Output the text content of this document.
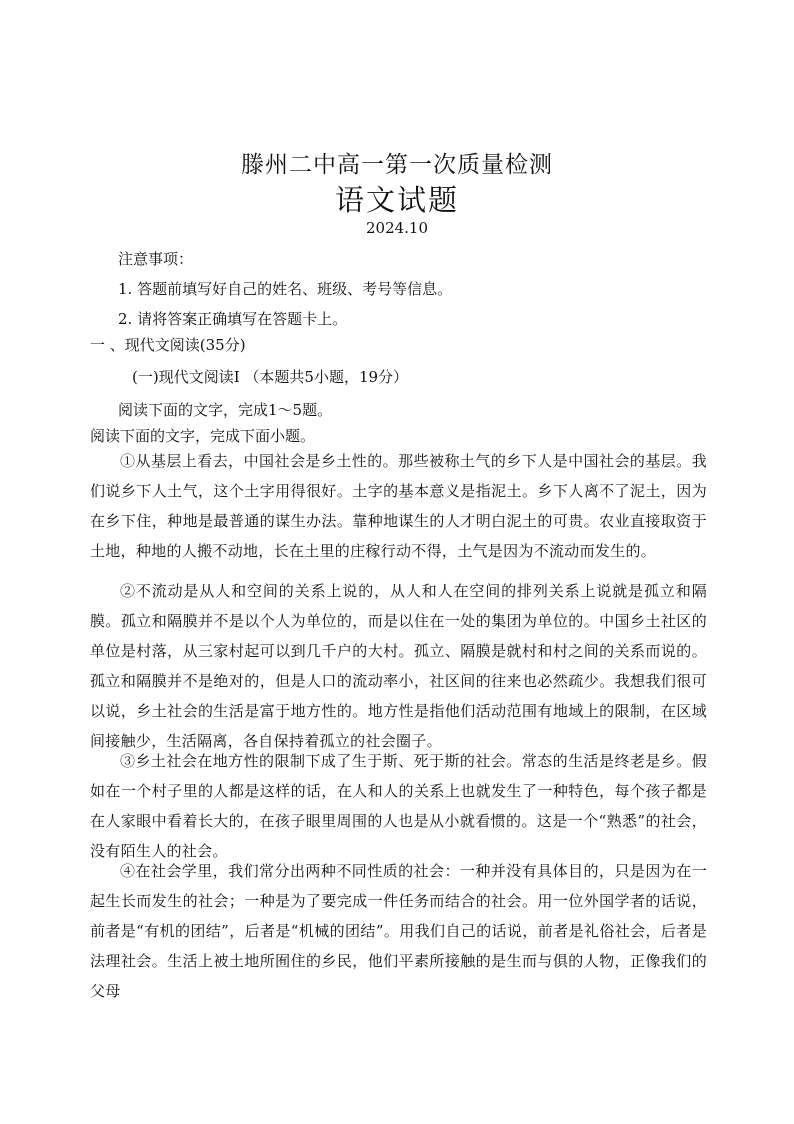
滕州二中高一第一次质量检测
语文试题
2024.10
注意事项：
1. 答题前填写好自己的姓名、班级、考号等信息。
2. 请将答案正确填写在答题卡上。
一 、现代文阅读(35分)
(一)现代文阅读I （本题共5小题，19分）
阅读下面的文字，完成1～5题。
阅读下面的文字，完成下面小题。

①从基层上看去，中国社会是乡土性的。那些被称土气的乡下人是中国社会的基层。我们说乡下人土气，这个土字用得很好。土字的基本意义是指泥土。乡下人离不了泥土，因为在乡下住，种地是最普通的谋生办法。靠种地谋生的人才明白泥土的可贵。农业直接取资于土地，种地的人搬不动地，长在土里的庄稼行动不得，土气是因为不流动而发生的。

②不流动是从人和空间的关系上说的，从人和人在空间的排列关系上说就是孤立和隔膜。孤立和隔膜并不是以个人为单位的，而是以住在一处的集团为单位的。中国乡土社区的单位是村落，从三家村起可以到几千户的大村。孤立、隔膜是就村和村之间的关系而说的。孤立和隔膜并不是绝对的，但是人口的流动率小，社区间的往来也必然疏少。我想我们很可以说，乡土社会的生活是富于地方性的。地方性是指他们活动范围有地域上的限制，在区域间接触少，生活隔离，各自保持着孤立的社会圈子。

③乡土社会在地方性的限制下成了生于斯、死于斯的社会。常态的生活是终老是乡。假如在一个村子里的人都是这样的话，在人和人的关系上也就发生了一种特色，每个孩子都是在人家眼中看着长大的，在孩子眼里周围的人也是从小就看惯的。这是一个“熟悉”的社会，没有陌生人的社会。

④在社会学里，我们常分出两种不同性质的社会：一种并没有具体目的，只是因为在一起生长而发生的社会；一种是为了要完成一件任务而结合的社会。用一位外国学者的话说，前者是“有机的团结”，后者是“机械的团结”。用我们自己的话说，前者是礼俗社会，后者是法理社会。生活上被土地所囿住的乡民，他们平素所接触的是生而与俱的人物，正像我们的父母
